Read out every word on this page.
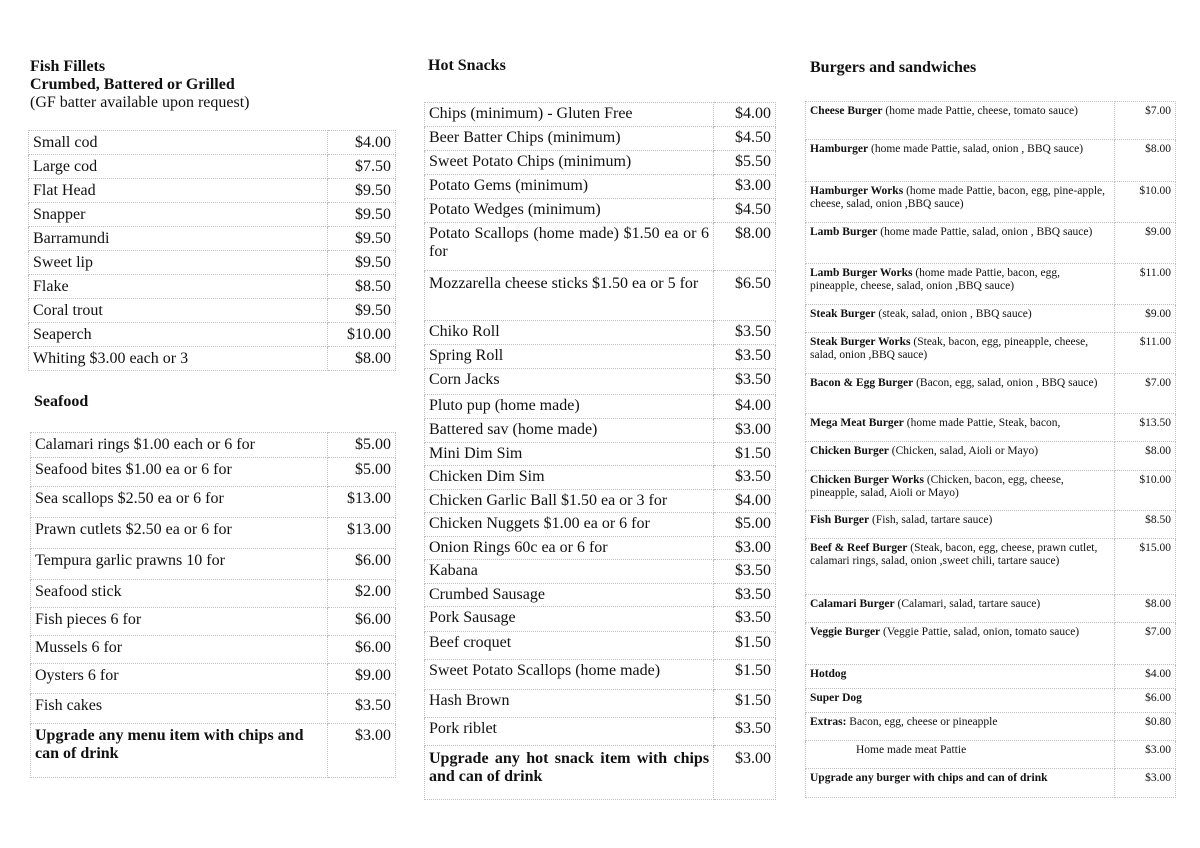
Fish Fillets
Crumbed, Battered or Grilled
(GF batter available upon request)
Small cod	$4.00
Large cod	$7.50
Flat Head	$9.50
Snapper	$9.50
Barramundi	$9.50
Sweet lip	$9.50
Flake	$8.50
Coral trout	$9.50
Seaperch	$10.00
Whiting $3.00 each or 3	$8.00
Seafood
Calamari rings $1.00 each or 6 for	$5.00
Seafood bites $1.00 ea or 6 for	$5.00
Sea scallops $2.50 ea or 6 for	$13.00
Prawn cutlets $2.50 ea or 6 for	$13.00
Tempura garlic prawns 10 for	$6.00
Seafood stick	$2.00
Fish pieces 6 for	$6.00
Mussels 6 for	$6.00
Oysters 6 for	$9.00
Fish cakes	$3.50
Upgrade any menu item with chips and can of drink	$3.00
Hot Snacks
Chips (minimum) - Gluten Free	$4.00
Beer Batter Chips (minimum)	$4.50
Sweet Potato Chips (minimum)	$5.50
Potato Gems (minimum)	$3.00
Potato Wedges (minimum)	$4.50
Potato Scallops (home made) $1.50 ea or 6 for	$8.00
Mozzarella cheese sticks $1.50 ea or 5 for	$6.50
Chiko Roll	$3.50
Spring Roll	$3.50
Corn Jacks	$3.50
Pluto pup (home made)	$4.00
Battered sav (home made)	$3.00
Mini Dim Sim	$1.50
Chicken Dim Sim	$3.50
Chicken Garlic Ball $1.50 ea or 3 for	$4.00
Chicken Nuggets $1.00 ea or 6 for	$5.00
Onion Rings 60c ea or 6 for	$3.00
Kabana	$3.50
Crumbed Sausage	$3.50
Pork Sausage	$3.50
Beef croquet	$1.50
Sweet Potato Scallops (home made)	$1.50
Hash Brown	$1.50
Pork riblet	$3.50
Upgrade any hot snack item with chips and can of drink	$3.00
Burgers and sandwiches
Cheese Burger (home made Pattie, cheese, tomato sauce)	$7.00
Hamburger (home made Pattie, salad, onion , BBQ sauce)	$8.00
Hamburger Works (home made Pattie, bacon, egg, pine-apple, cheese, salad, onion ,BBQ sauce)	$10.00
Lamb Burger (home made Pattie, salad, onion , BBQ sauce)	$9.00
Lamb Burger Works (home made Pattie, bacon, egg, pineapple, cheese, salad, onion ,BBQ sauce)	$11.00
Steak Burger (steak, salad, onion , BBQ sauce)	$9.00
Steak Burger Works (Steak, bacon, egg, pineapple, cheese, salad, onion ,BBQ sauce)	$11.00
Bacon & Egg Burger (Bacon, egg, salad, onion , BBQ sauce)	$7.00
Mega Meat Burger (home made Pattie, Steak, bacon,	$13.50
Chicken Burger (Chicken, salad, Aioli or Mayo)	$8.00
Chicken Burger Works (Chicken, bacon, egg, cheese, pineapple, salad, Aioli or Mayo)	$10.00
Fish Burger (Fish, salad, tartare sauce)	$8.50
Beef & Reef Burger (Steak, bacon, egg, cheese, prawn cutlet, calamari rings, salad, onion ,sweet chili, tartare sauce)	$15.00
Calamari Burger (Calamari, salad, tartare sauce)	$8.00
Veggie Burger (Veggie Pattie, salad, onion, tomato sauce)	$7.00
Hotdog	$4.00
Super Dog	$6.00
Extras: Bacon, egg, cheese or pineapple	$0.80
Home made meat Pattie	$3.00
Upgrade any burger with chips and can of drink	$3.00
